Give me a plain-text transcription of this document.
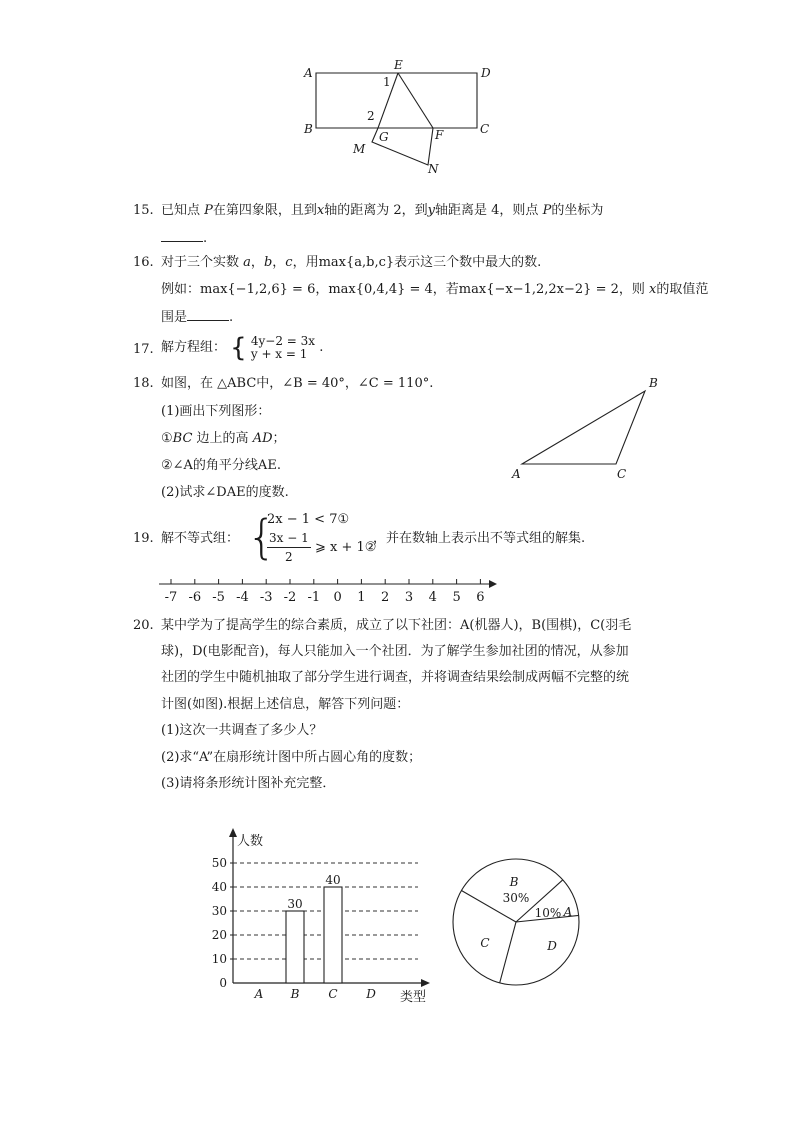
A
E
D
B
G	F	C
M
N
1
2
15. 已知点 P在第四象限，且到x轴的距离为 2，到y轴距离是 4，则点 P的坐标为
.
16. 对于三个实数 a，b，c，用max{a,b,c}表示这三个数中最大的数.
例如：max{−1,2,6} = 6，max{0,4,4} = 4，若max{−x−1,2,2x−2} = 2，则 x的取值范
围是	.
17. 解方程组： { 4y−2 = 3x
y + x = 1 .
18. 如图，在 △ABC中，∠B = 40°，∠C = 110°.
(1)画出下列图形：
①BC 边上的高 AD；
②∠A的角平分线AE.
(2)试求∠DAE的度数.
A	C
B
19. 解不等式组： {
2x − 1 < 7①
3x − 1
2
⩾ x + 1②
，并在数轴上表示出不等式组的解集.
-7 -6 -5 -4 -3 -2 -1 0 1 2 3 4 5 6
20. 某中学为了提高学生的综合素质，成立了以下社团：A(机器人)，B(围棋)，C(羽毛
球)，D(电影配音)，每人只能加入一个社团．为了解学生参加社团的情况，从参加
社团的学生中随机抽取了部分学生进行调查，并将调查结果绘制成两幅不完整的统
计图(如图).根据上述信息，解答下列问题：
(1)这次一共调查了多少人？
(2)求“A”在扇形统计图中所占圆心角的度数；
(3)请将条形统计图补充完整．
人数
类型
0
10
20
30
40
50
A B
30
C
40
D
B
30%
A
10%
D
C
